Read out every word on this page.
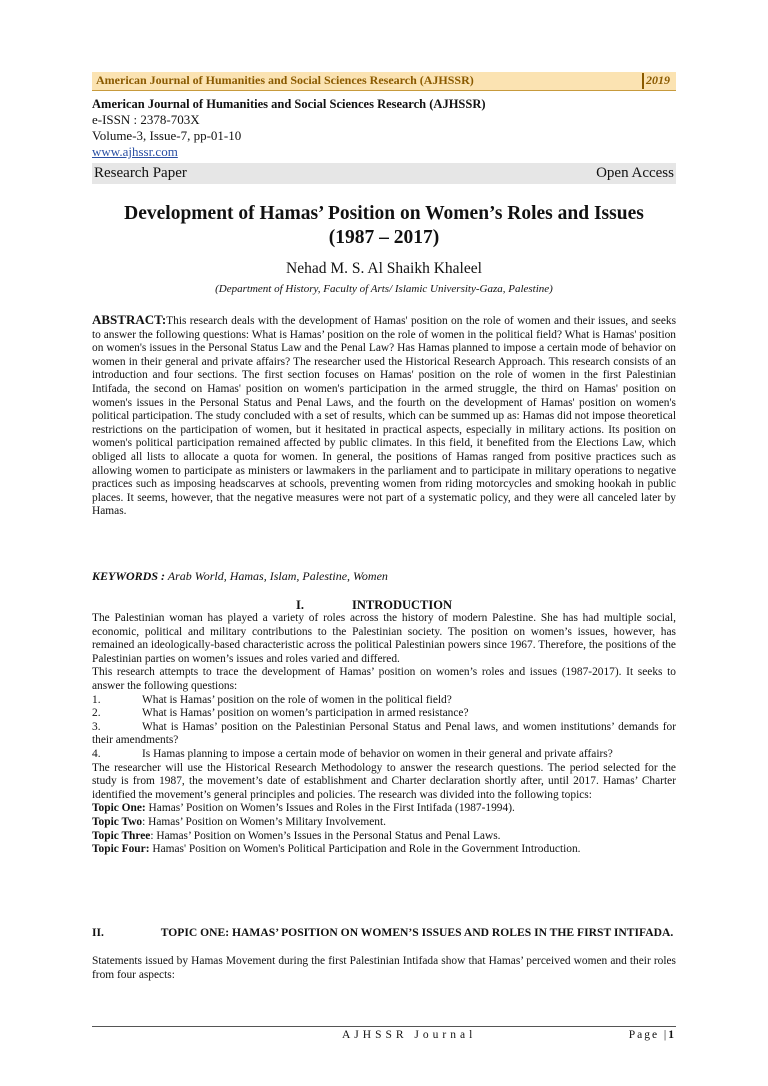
American Journal of Humanities and Social Sciences Research (AJHSSR)	2019
American Journal of Humanities and Social Sciences Research (AJHSSR)
e-ISSN : 2378-703X
Volume-3, Issue-7, pp-01-10
www.ajhssr.com
Research Paper	Open Access
Development of Hamas’ Position on Women’s Roles and Issues
(1987 – 2017)
Nehad M. S. Al Shaikh Khaleel
(Department of History, Faculty of Arts/ Islamic University-Gaza, Palestine)
ABSTRACT:This research deals with the development of Hamas' position on the role of women and their issues, and seeks to answer the following questions: What is Hamas’ position on the role of women in the political field? What is Hamas' position on women's issues in the Personal Status Law and the Penal Law? Has Hamas planned to impose a certain mode of behavior on women in their general and private affairs? The researcher used the Historical Research Approach. This research consists of an introduction and four sections. The first section focuses on Hamas' position on the role of women in the first Palestinian Intifada, the second on Hamas' position on women's participation in the armed struggle, the third on Hamas' position on women's issues in the Personal Status and Penal Laws, and the fourth on the development of Hamas' position on women's political participation. The study concluded with a set of results, which can be summed up as: Hamas did not impose theoretical restrictions on the participation of women, but it hesitated in practical aspects, especially in military actions. Its position on women's political participation remained affected by public climates. In this field, it benefited from the Elections Law, which obliged all lists to allocate a quota for women. In general, the positions of Hamas ranged from positive practices such as allowing women to participate as ministers or lawmakers in the parliament and to participate in military operations to negative practices such as imposing headscarves at schools, preventing women from riding motorcycles and smoking hookah in public places. It seems, however, that the negative measures were not part of a systematic policy, and they were all canceled later by Hamas.
KEYWORDS : Arab World, Hamas, Islam, Palestine, Women
I.	INTRODUCTION
The Palestinian woman has played a variety of roles across the history of modern Palestine. She has had multiple social, economic, political and military contributions to the Palestinian society. The position on women’s issues, however, has remained an ideologically-based characteristic across the political Palestinian powers since 1967. Therefore, the positions of the Palestinian parties on women’s issues and roles varied and differed.
This research attempts to trace the development of Hamas’ position on women’s roles and issues (1987-2017). It seeks to answer the following questions:
1.	What is Hamas’ position on the role of women in the political field?
2.	What is Hamas’ position on women’s participation in armed resistance?
3.	What is Hamas’ position on the Palestinian Personal Status and Penal laws, and women institutions’ demands for their amendments?
4.	Is Hamas planning to impose a certain mode of behavior on women in their general and private affairs?
The researcher will use the Historical Research Methodology to answer the research questions. The period selected for the study is from 1987, the movement’s date of establishment and Charter declaration shortly after, until 2017. Hamas’ Charter identified the movement’s general principles and policies. The research was divided into the following topics:
Topic One: Hamas’ Position on Women’s Issues and Roles in the First Intifada (1987-1994).
Topic Two: Hamas’ Position on Women’s Military Involvement.
Topic Three: Hamas’ Position on Women’s Issues in the Personal Status and Penal Laws.
Topic Four: Hamas' Position on Women's Political Participation and Role in the Government Introduction.
II.	TOPIC ONE: HAMAS’ POSITION ON WOMEN’S ISSUES AND ROLES IN THE FIRST INTIFADA.
Statements issued by Hamas Movement during the first Palestinian Intifada show that Hamas’ perceived women and their roles from four aspects:
AJHSSR Journal	Page |1
